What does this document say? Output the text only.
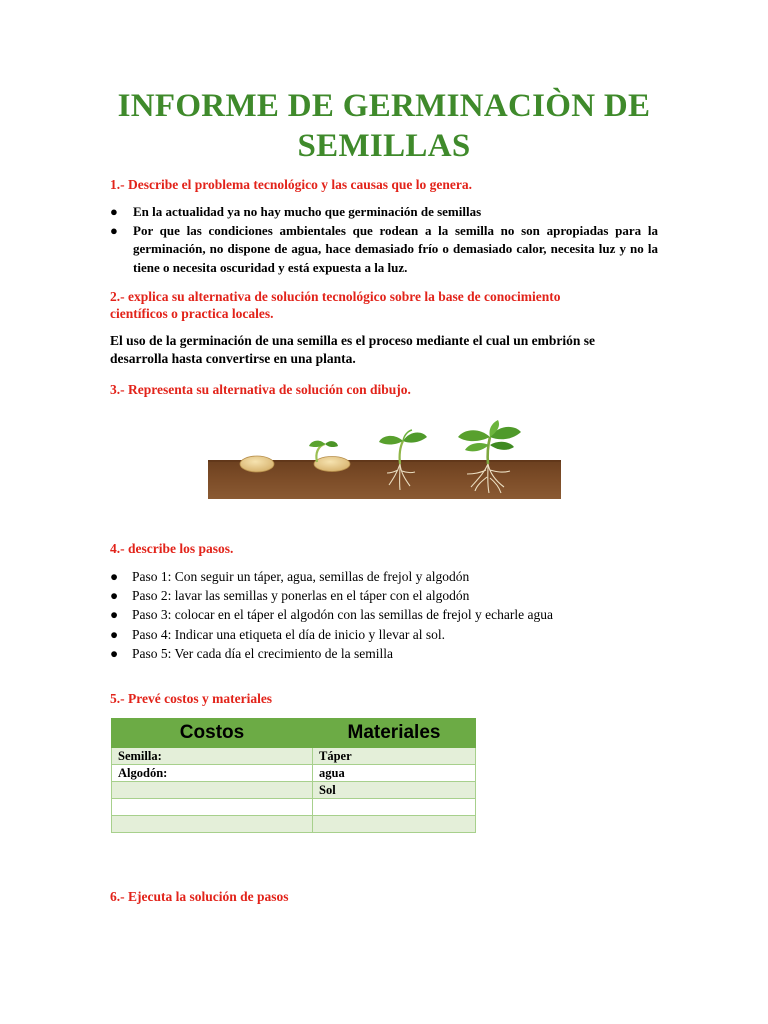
INFORME DE GERMINACIÒN DE
SEMILLAS
1.- Describe el problema tecnológico y las causas que lo genera.
● En la actualidad ya no hay mucho que germinación de semillas
● Por que las condiciones ambientales que rodean a la semilla no son apropiadas para la germinación, no dispone de agua, hace demasiado frío o demasiado calor, necesita luz y no la tiene o necesita oscuridad y está expuesta a la luz.
2.- explica su alternativa de solución tecnológico sobre la base de conocimiento
científicos o practica locales.
El uso de la germinación de una semilla es el proceso mediante el cual un embrión se desarrolla hasta convertirse en una planta.
3.- Representa su alternativa de solución con dibujo.
4.- describe los pasos.
● Paso 1: Con seguir un táper, agua, semillas de frejol y algodón
● Paso 2: lavar las semillas y ponerlas en el táper con el algodón
● Paso 3: colocar en el táper el algodón con las semillas de frejol y echarle agua
● Paso 4: Indicar una etiqueta el día de inicio y llevar al sol.
● Paso 5: Ver cada día el crecimiento de la semilla
5.- Prevé costos y materiales
Costos	Materiales
Semilla:	Táper
Algodón:	agua
	Sol

6.- Ejecuta la solución de pasos
